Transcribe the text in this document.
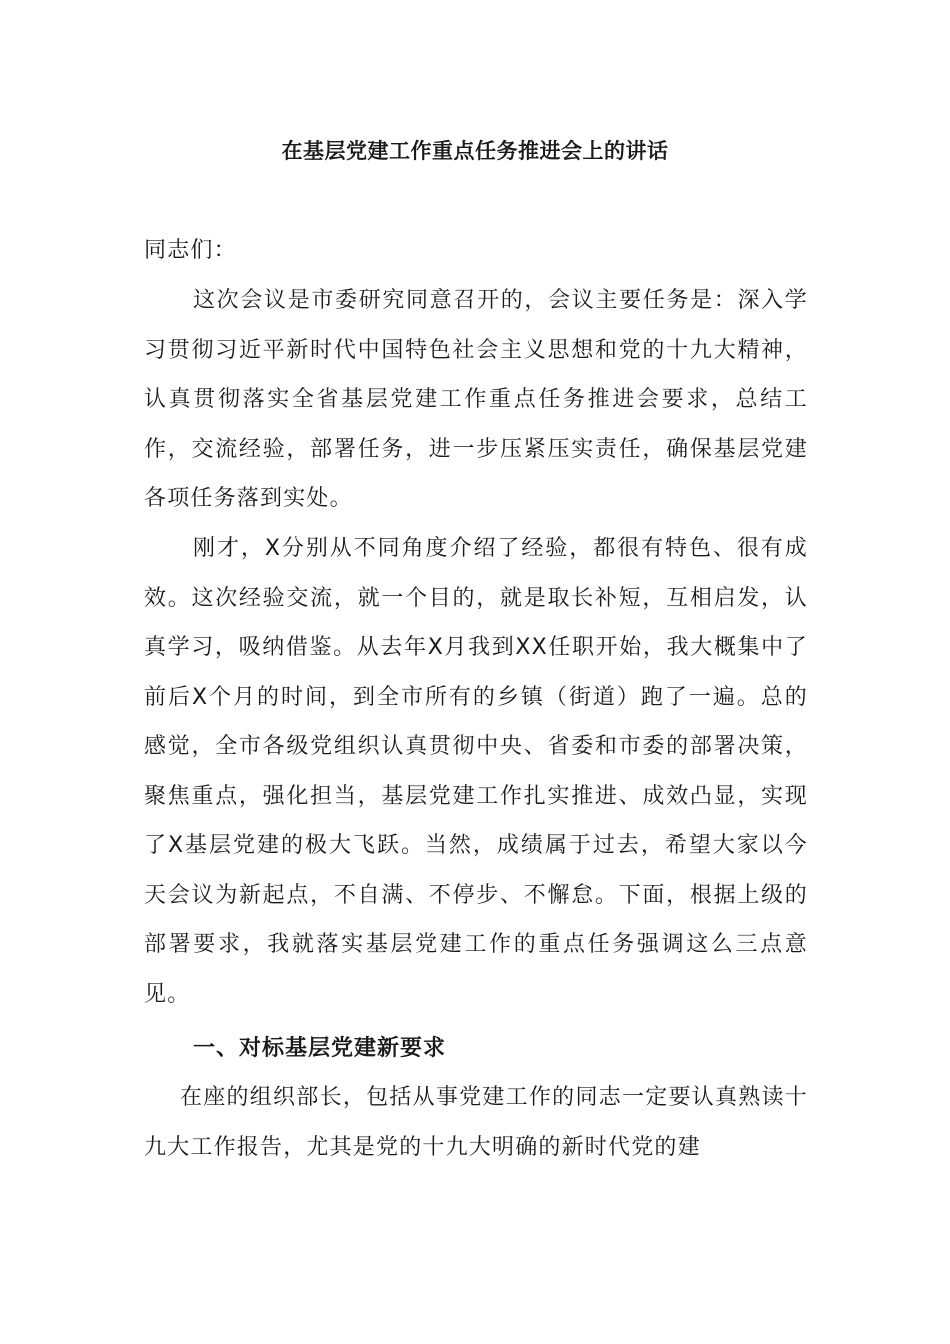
在基层党建工作重点任务推进会上的讲话

同志们：

这次会议是市委研究同意召开的，会议主要任务是：深入学习贯彻习近平新时代中国特色社会主义思想和党的十九大精神，认真贯彻落实全省基层党建工作重点任务推进会要求，总结工作，交流经验，部署任务，进一步压紧压实责任，确保基层党建各项任务落到实处。

刚才，X分别从不同角度介绍了经验，都很有特色、很有成效。这次经验交流，就一个目的，就是取长补短，互相启发，认真学习，吸纳借鉴。从去年X月我到XX任职开始，我大概集中了前后X个月的时间，到全市所有的乡镇（街道）跑了一遍。总的感觉，全市各级党组织认真贯彻中央、省委和市委的部署决策，聚焦重点，强化担当，基层党建工作扎实推进、成效凸显，实现了X基层党建的极大飞跃。当然，成绩属于过去，希望大家以今天会议为新起点，不自满、不停步、不懈怠。下面，根据上级的部署要求，我就落实基层党建工作的重点任务强调这么三点意见。

一、对标基层党建新要求

在座的组织部长，包括从事党建工作的同志一定要认真熟读十九大工作报告，尤其是党的十九大明确的新时代党的建
